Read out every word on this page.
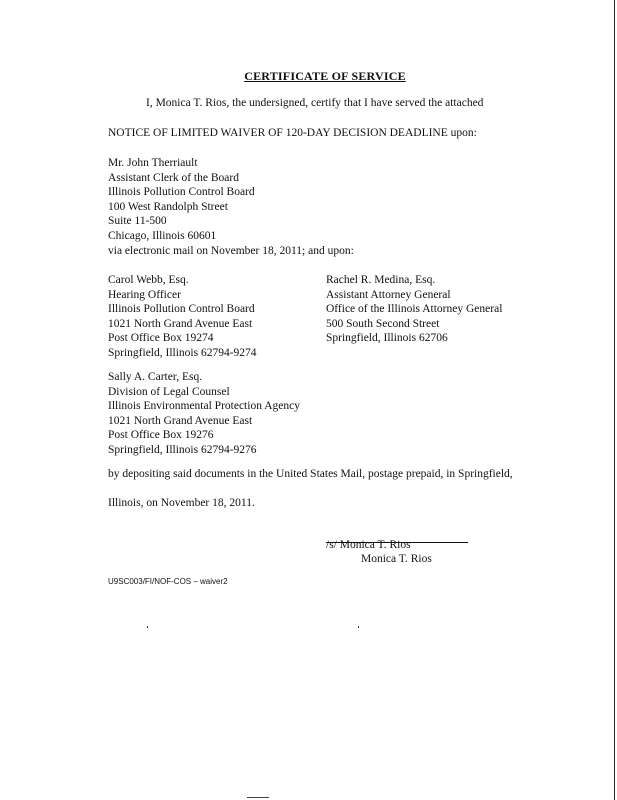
CERTIFICATE OF SERVICE
I, Monica T. Rios, the undersigned, certify that I have served the attached
NOTICE OF LIMITED WAIVER OF 120-DAY DECISION DEADLINE upon:
Mr. John Therriault
Assistant Clerk of the Board
Illinois Pollution Control Board
100 West Randolph Street
Suite 11-500
Chicago, Illinois 60601
via electronic mail on November 18, 2011; and upon:
Carol Webb, Esq.
Hearing Officer
Illinois Pollution Control Board
1021 North Grand Avenue East
Post Office Box 19274
Springfield, Illinois 62794-9274
Rachel R. Medina, Esq.
Assistant Attorney General
Office of the Illinois Attorney General
500 South Second Street
Springfield, Illinois 62706
Sally A. Carter, Esq.
Division of Legal Counsel
Illinois Environmental Protection Agency
1021 North Grand Avenue East
Post Office Box 19276
Springfield, Illinois 62794-9276
by depositing said documents in the United States Mail, postage prepaid, in Springfield,
Illinois, on November 18, 2011.
/s/ Monica T. Rios
Monica T. Rios
U9SC003/FI/NOF-COS – waiver2
